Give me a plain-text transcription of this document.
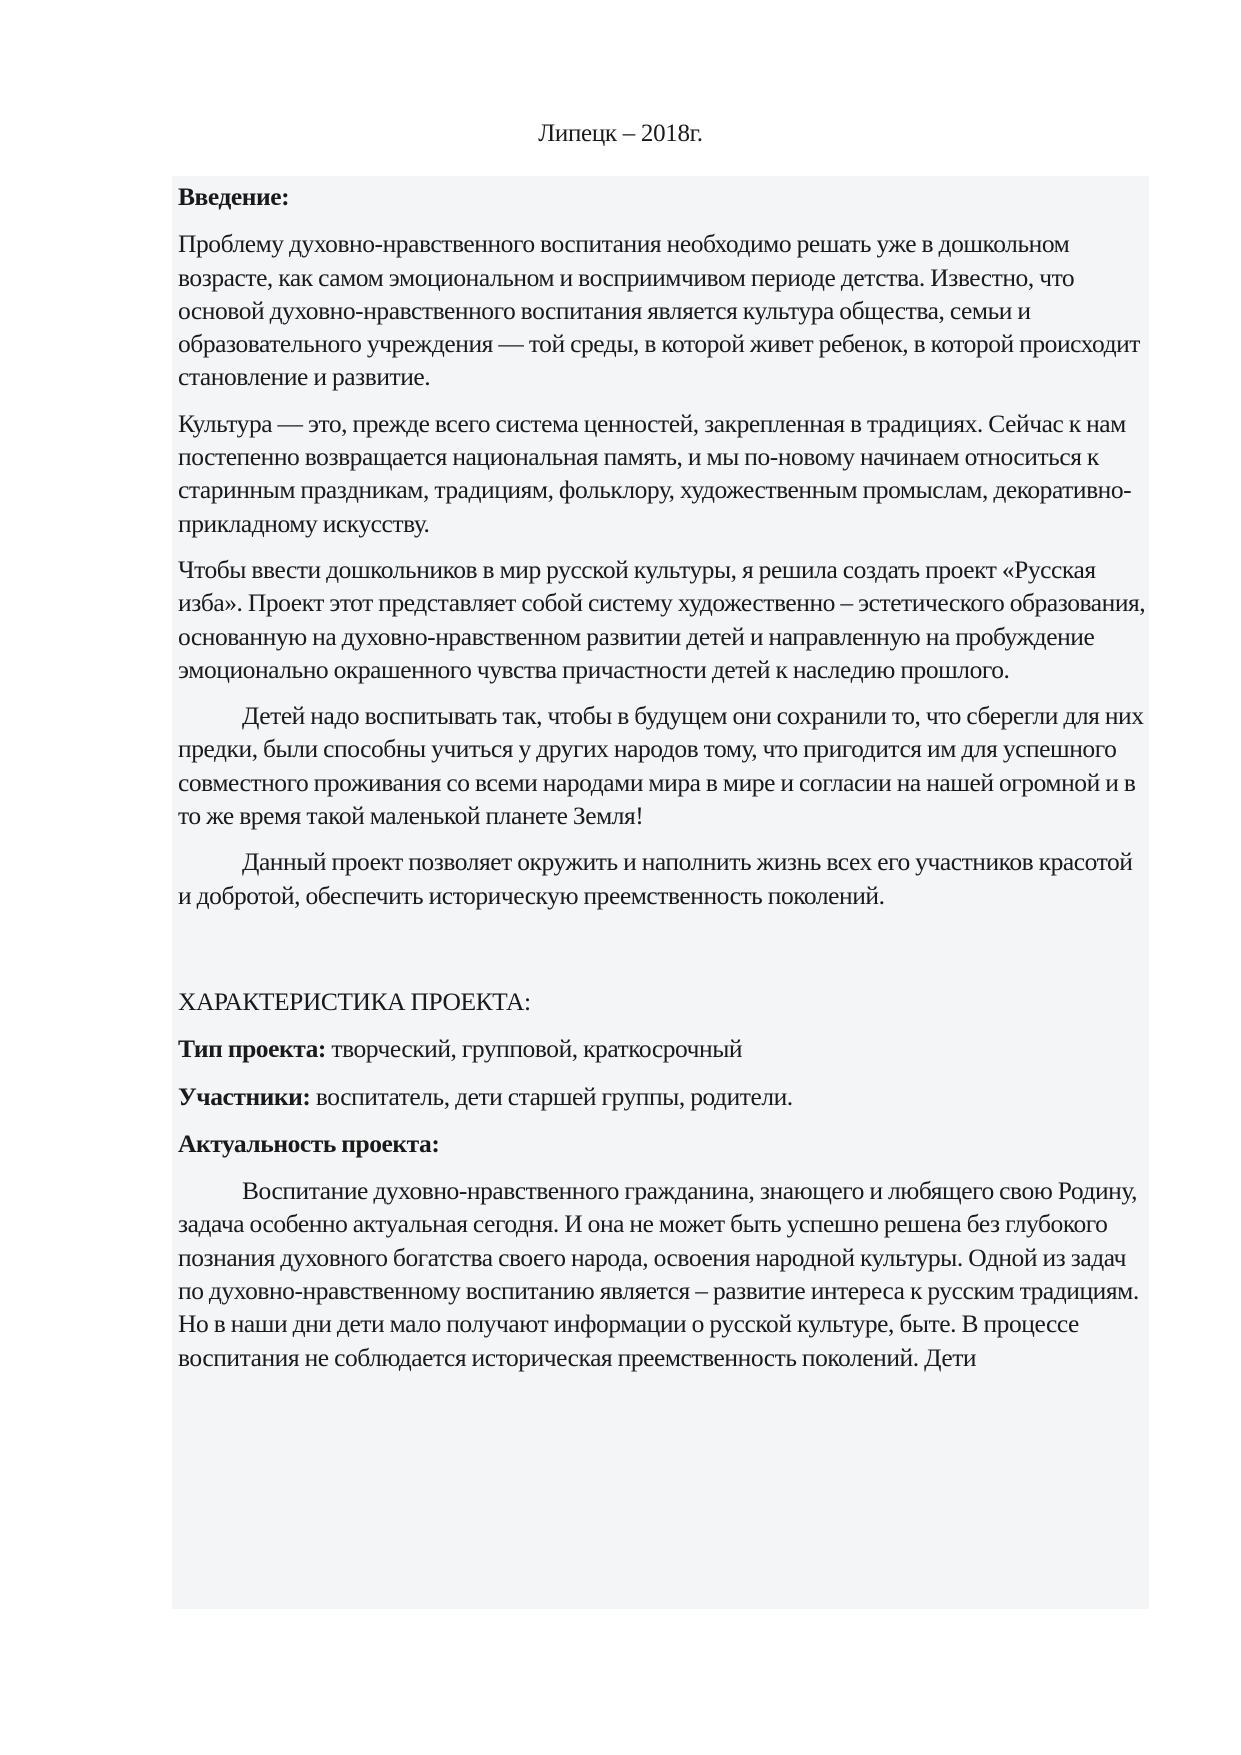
Липецк – 2018г.

Введение:

Проблему духовно-нравственного воспитания необходимо решать уже в дошкольном возрасте, как самом эмоциональном и восприимчивом периоде детства. Известно, что основой духовно-нравственного воспитания является культура общества, семьи и образовательного учреждения — той среды, в которой живет ребенок, в которой происходит становление и развитие.

Культура — это, прежде всего система ценностей, закрепленная в традициях. Сейчас к нам постепенно возвращается национальная память, и мы по-новому начинаем относиться к старинным праздникам, традициям, фольклору, художественным промыслам, декоративно-прикладному искусству.

Чтобы ввести дошкольников в мир русской культуры, я решила создать проект «Русская изба». Проект этот представляет собой систему художественно – эстетического образования, основанную на духовно-нравственном развитии детей и направленную на пробуждение эмоционально окрашенного чувства причастности детей к наследию прошлого.

Детей надо воспитывать так, чтобы в будущем они сохранили то, что сберегли для них предки, были способны учиться у других народов тому, что пригодится им для успешного совместного проживания со всеми народами мира в мире и согласии на нашей огромной и в то же время такой маленькой планете Земля!

Данный проект позволяет окружить и наполнить жизнь всех его участников красотой и добротой, обеспечить историческую преемственность поколений.

ХАРАКТЕРИСТИКА ПРОЕКТА:

Тип проекта: творческий, групповой, краткосрочный

Участники: воспитатель, дети старшей группы, родители.

Актуальность проекта:

Воспитание духовно-нравственного гражданина, знающего и любящего свою Родину, задача особенно актуальная сегодня. И она не может быть успешно решена без глубокого познания духовного богатства своего народа, освоения народной культуры. Одной из задач по духовно-нравственному воспитанию является – развитие интереса к русским традициям. Но в наши дни дети мало получают информации о русской культуре, быте. В процессе воспитания не соблюдается историческая преемственность поколений. Дети
